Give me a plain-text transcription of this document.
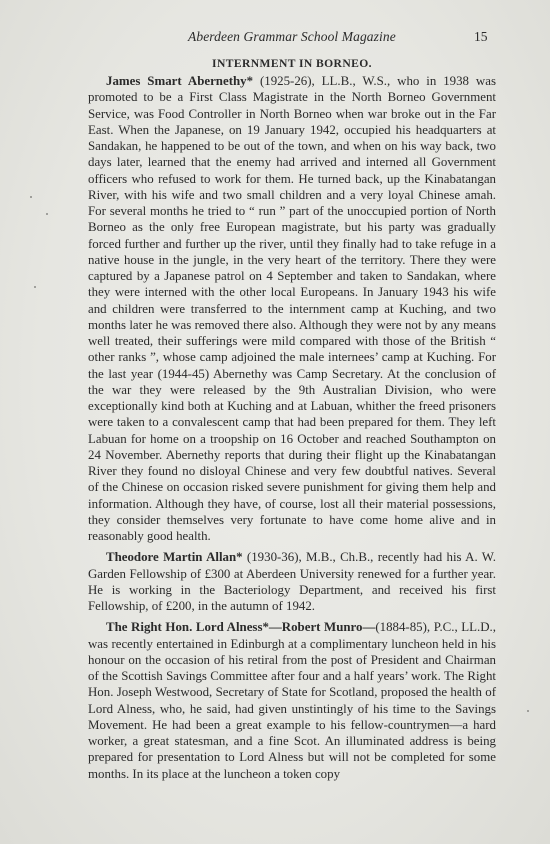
Aberdeen Grammar School Magazine	15
INTERNMENT IN BORNEO.

James Smart Abernethy* (1925-26), LL.B., W.S., who in 1938 was promoted to be a First Class Magistrate in the North Borneo Government Service, was Food Controller in North Borneo when war broke out in the Far East. When the Japanese, on 19 January 1942, occupied his headquarters at Sandakan, he happened to be out of the town, and when on his way back, two days later, learned that the enemy had arrived and interned all Government officers who refused to work for them. He turned back, up the Kinabatangan River, with his wife and two small children and a very loyal Chinese amah. For several months he tried to “ run ” part of the unoccupied portion of North Borneo as the only free European magistrate, but his party was gradually forced further and further up the river, until they finally had to take refuge in a native house in the jungle, in the very heart of the territory. There they were captured by a Japanese patrol on 4 September and taken to Sandakan, where they were interned with the other local Europeans. In January 1943 his wife and children were transferred to the internment camp at Kuching, and two months later he was removed there also. Although they were not by any means well treated, their sufferings were mild compared with those of the British “ other ranks ”, whose camp adjoined the male internees’ camp at Kuching. For the last year (1944-45) Abernethy was Camp Secretary. At the conclusion of the war they were released by the 9th Australian Division, who were exceptionally kind both at Kuching and at Labuan, whither the freed prisoners were taken to a convalescent camp that had been prepared for them. They left Labuan for home on a troopship on 16 October and reached Southampton on 24 November. Abernethy reports that during their flight up the Kinabatangan River they found no disloyal Chinese and very few doubtful natives. Several of the Chinese on occasion risked severe punishment for giving them help and information. Although they have, of course, lost all their material possessions, they consider themselves very fortunate to have come home alive and in reasonably good health.

Theodore Martin Allan* (1930-36), M.B., Ch.B., recently had his A. W. Garden Fellowship of £300 at Aberdeen University renewed for a further year. He is working in the Bacteriology Department, and received his first Fellowship, of £200, in the autumn of 1942.

The Right Hon. Lord Alness*—Robert Munro—(1884-85), P.C., LL.D., was recently entertained in Edinburgh at a complimentary luncheon held in his honour on the occasion of his retiral from the post of President and Chairman of the Scottish Savings Committee after four and a half years’ work. The Right Hon. Joseph Westwood, Secretary of State for Scotland, proposed the health of Lord Alness, who, he said, had given unstintingly of his time to the Savings Movement. He had been a great example to his fellow-countrymen—a hard worker, a great statesman, and a fine Scot. An illuminated address is being prepared for presentation to Lord Alness but will not be completed for some months. In its place at the luncheon a token copy
